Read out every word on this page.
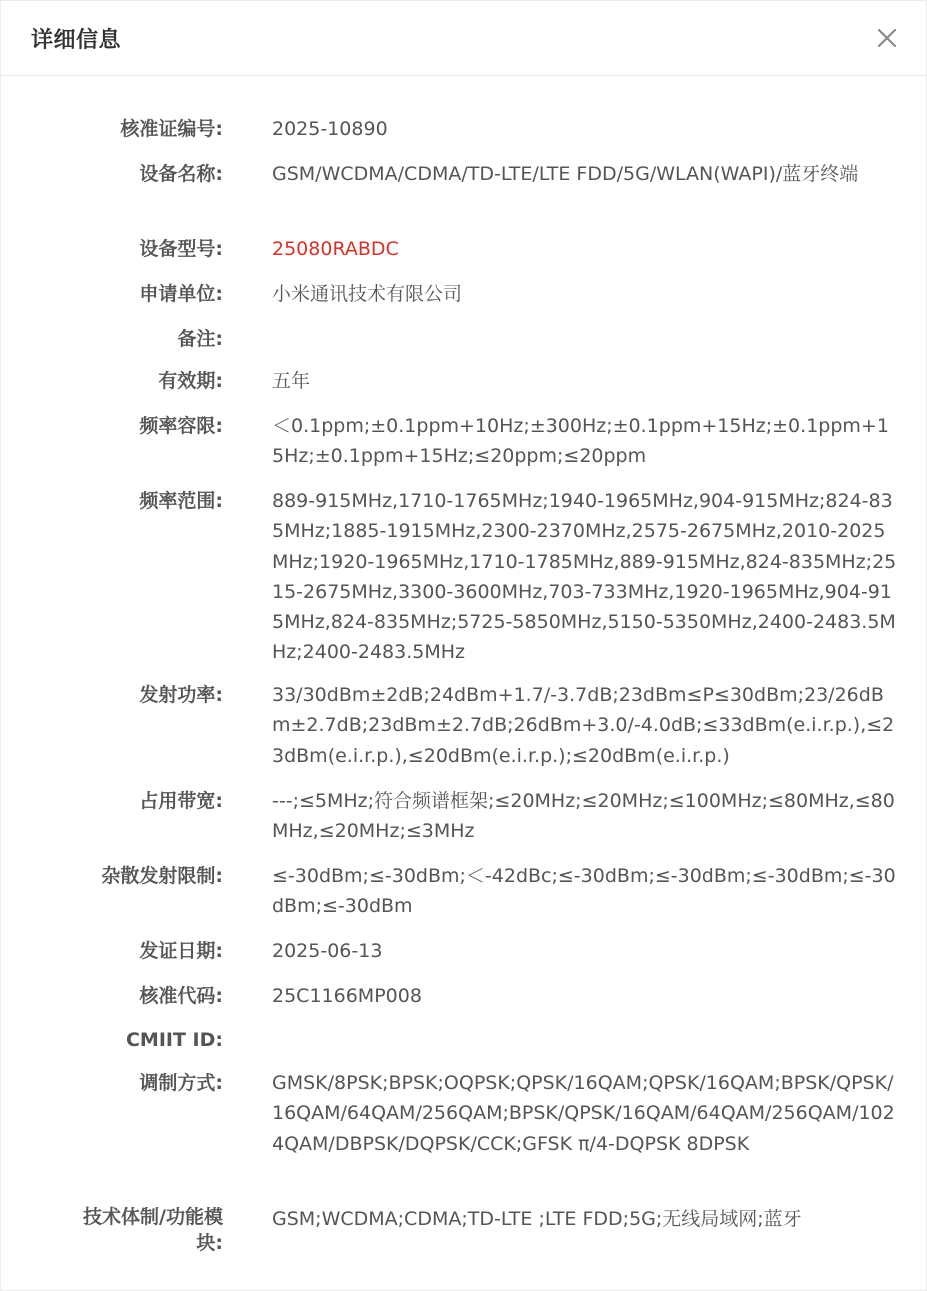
详细信息
核准证编号:	2025-10890
设备名称:	GSM/WCDMA/CDMA/TD-LTE/LTE FDD/5G/WLAN(WAPI)/蓝牙终端
设备型号:	25080RABDC
申请单位:	小米通讯技术有限公司
备注:
有效期:	五年
频率容限:	＜0.1ppm;±0.1ppm+10Hz;±300Hz;±0.1ppm+15Hz;±0.1ppm+15Hz;±0.1ppm+15Hz;≤20ppm;≤20ppm
频率范围:	889-915MHz,1710-1765MHz;1940-1965MHz,904-915MHz;824-835MHz;1885-1915MHz,2300-2370MHz,2575-2675MHz,2010-2025MHz;1920-1965MHz,1710-1785MHz,889-915MHz,824-835MHz;2515-2675MHz,3300-3600MHz,703-733MHz,1920-1965MHz,904-915MHz,824-835MHz;5725-5850MHz,5150-5350MHz,2400-2483.5MHz;2400-2483.5MHz
发射功率:	33/30dBm±2dB;24dBm+1.7/-3.7dB;23dBm≤P≤30dBm;23/26dBm±2.7dB;23dBm±2.7dB;26dBm+3.0/-4.0dB;≤33dBm(e.i.r.p.),≤23dBm(e.i.r.p.),≤20dBm(e.i.r.p.);≤20dBm(e.i.r.p.)
占用带宽:	---;≤5MHz;符合频谱框架;≤20MHz;≤20MHz;≤100MHz;≤80MHz,≤80MHz,≤20MHz;≤3MHz
杂散发射限制:	≤-30dBm;≤-30dBm;＜-42dBc;≤-30dBm;≤-30dBm;≤-30dBm;≤-30dBm;≤-30dBm
发证日期:	2025-06-13
核准代码:	25C1166MP008
CMIIT ID:
调制方式:	GMSK/8PSK;BPSK;OQPSK;QPSK/16QAM;QPSK/16QAM;BPSK/QPSK/16QAM/64QAM/256QAM;BPSK/QPSK/16QAM/64QAM/256QAM/1024QAM/DBPSK/DQPSK/CCK;GFSK π/4-DQPSK 8DPSK
技术体制/功能模块:
GSM;WCDMA;CDMA;TD-LTE ;LTE FDD;5G;无线局域网;蓝牙
